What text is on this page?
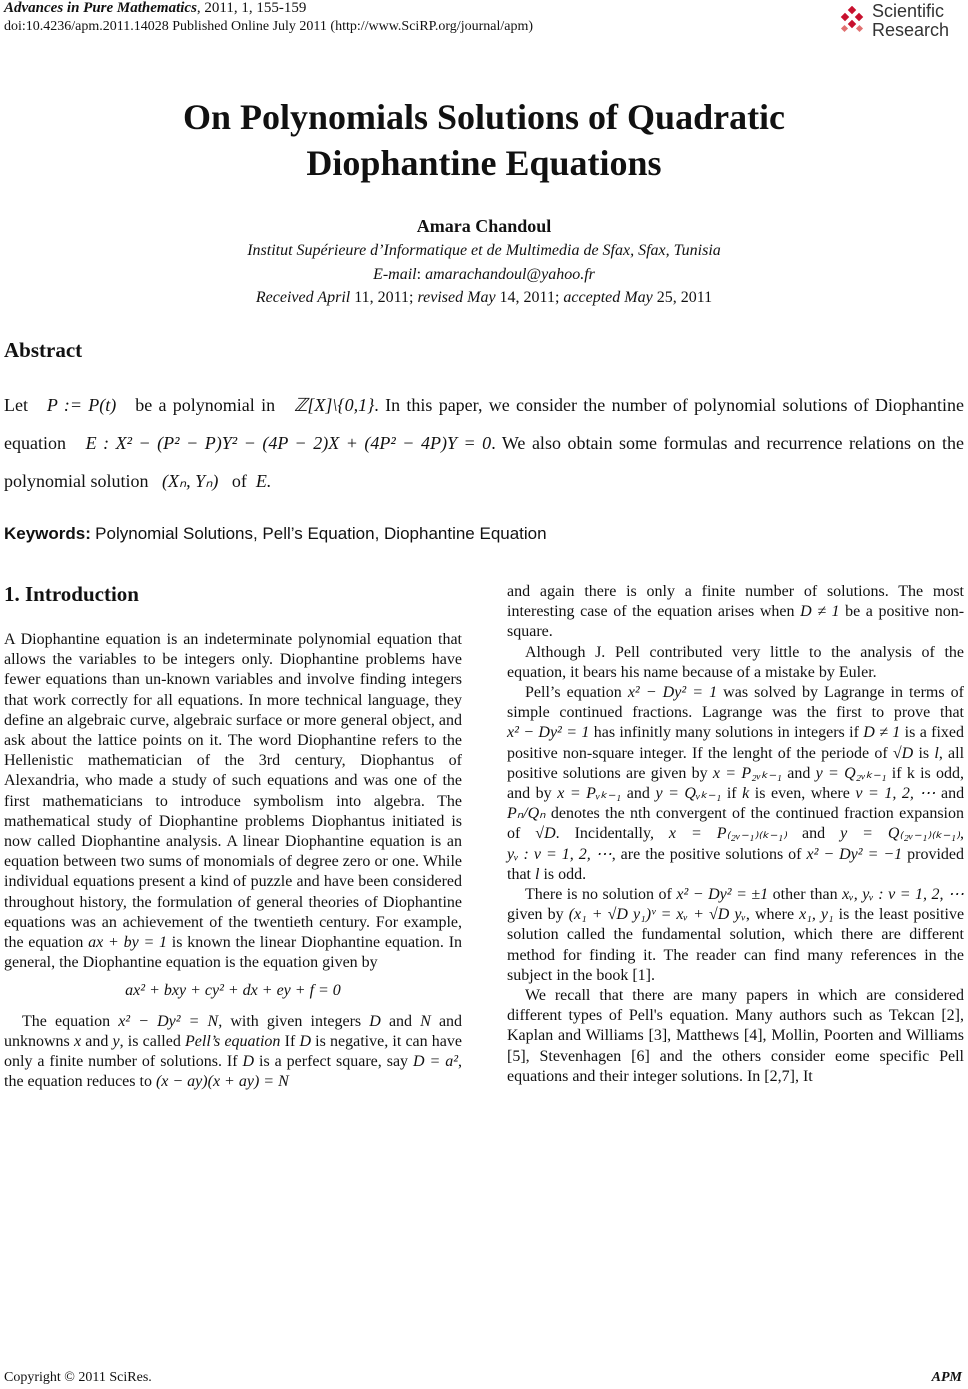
Advances in Pure Mathematics, 2011, 1, 155-159
doi:10.4236/apm.2011.14028 Published Online July 2011 (http://www.SciRP.org/journal/apm)
Scientific
Research
On Polynomials Solutions of Quadratic
Diophantine Equations
Amara Chandoul
Institut Supérieure d’Informatique et de Multimedia de Sfax, Sfax, Tunisia
E-mail: amarachandoul@yahoo.fr
Received April 11, 2011; revised May 14, 2011; accepted May 25, 2011
Abstract
Let P := P(t) be a polynomial in ℤ[X]\{0,1}. In this paper, we consider the number of polynomial solutions of Diophantine equation E : X² − (P² − P)Y² − (4P − 2)X + (4P² − 4P)Y = 0. We also obtain some formulas and recurrence relations on the polynomial solution (Xₙ, Yₙ) of E.
Keywords: Polynomial Solutions, Pell’s Equation, Diophantine Equation
1. Introduction

A Diophantine equation is an indeterminate polynomial equation that allows the variables to be integers only. Diophantine problems have fewer equations than un-known variables and involve finding integers that work correctly for all equations. In more technical language, they define an algebraic curve, algebraic surface or more general object, and ask about the lattice points on it. The word Diophantine refers to the Hellenistic mathematician of the 3rd century, Diophantus of Alexandria, who made a study of such equations and was one of the first mathematicians to introduce symbolism into algebra. The mathematical study of Diophantine problems Diophantus initiated is now called Diophantine analysis. A linear Diophantine equation is an equation between two sums of monomials of degree zero or one. While individual equations present a kind of puzzle and have been considered throughout history, the formulation of general theories of Diophantine equations was an achievement of the twentieth century. For example, the equation ax + by = 1 is known the linear Diophantine equation. In general, the Diophantine equation is the equation given by

ax² + bxy + cy² + dx + ey + f = 0

The equation x² − Dy² = N, with given integers D and N and unknowns x and y, is called Pell’s equation If D is negative, it can have only a finite number of solutions. If D is a perfect square, say D = a², the equation reduces to (x − ay)(x + ay) = N

and again there is only a finite number of solutions. The most interesting case of the equation arises when D ≠ 1 be a positive non-square.

Although J. Pell contributed very little to the analysis of the equation, it bears his name because of a mistake by Euler.

Pell’s equation x² − Dy² = 1 was solved by Lagrange in terms of simple continued fractions. Lagrange was the first to prove that x² − Dy² = 1 has infinitly many solutions in integers if D ≠ 1 is a fixed positive non-square integer. If the lenght of the periode of √D is l, all positive solutions are given by x = P₂ᵥₖ₋₁ and y = Q₂ᵥₖ₋₁ if k is odd, and by x = Pᵥₖ₋₁ and y = Qᵥₖ₋₁ if k is even, where v = 1, 2, ⋯ and Pₙ/Qₙ denotes the nth convergent of the continued fraction expansion of √D. Incidentally, x = P₍₂ᵥ₋₁₎₍ₖ₋₁₎ and y = Q₍₂ᵥ₋₁₎₍ₖ₋₁₎, yᵥ : v = 1, 2, ⋯, are the positive solutions of x² − Dy² = −1 provided that l is odd.

There is no solution of x² − Dy² = ±1 other than xᵥ, yᵥ : v = 1, 2, ⋯ given by (x₁ + √D y₁)ᵛ = xᵥ + √D yᵥ, where x₁, y₁ is the least positive solution called the fundamental solution, which there are different method for finding it. The reader can find many references in the subject in the book [1].

We recall that there are many papers in which are considered different types of Pell's equation. Many authors such as Tekcan [2], Kaplan and Williams [3], Matthews [4], Mollin, Poorten and Williams [5], Stevenhagen [6] and the others consider eome specific Pell equations and their integer solutions. In [2,7], It

Copyright © 2011 SciRes.	APM
